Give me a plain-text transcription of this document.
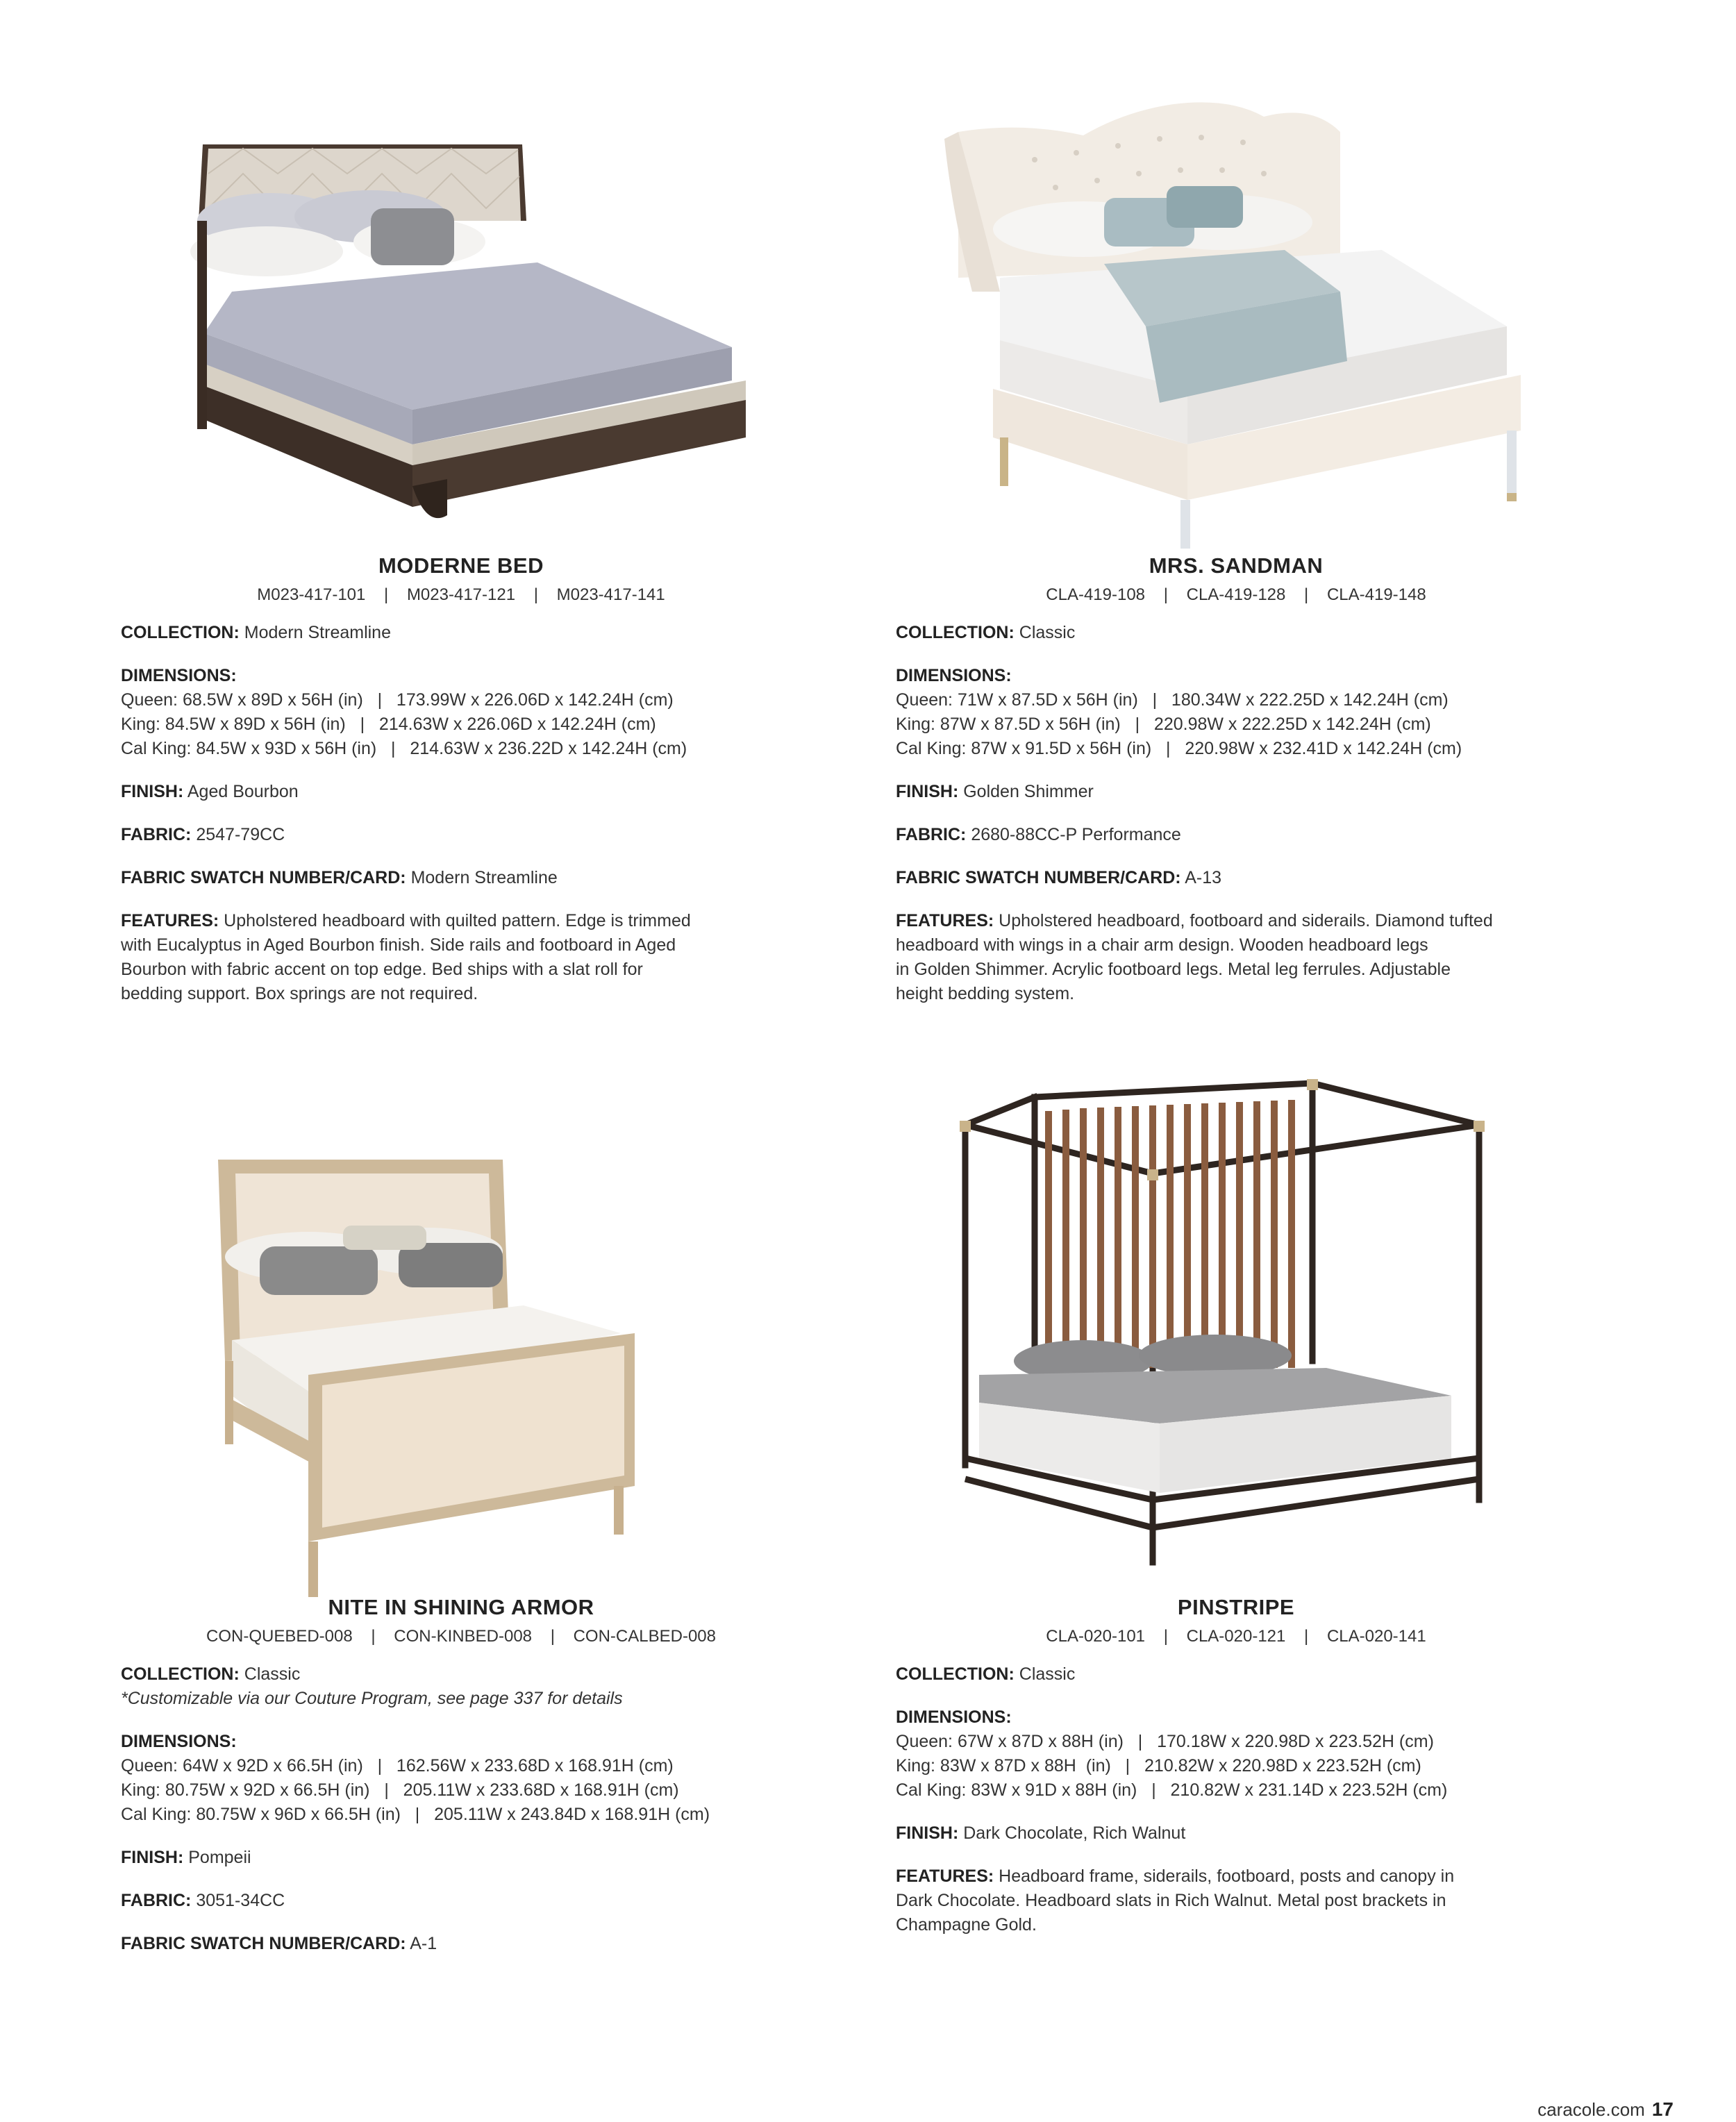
MODERNE BED
M023-417-101 | M023-417-121 | M023-417-141
COLLECTION: Modern Streamline
DIMENSIONS:
Queen: 68.5W x 89D x 56H (in)   |   173.99W x 226.06D x 142.24H (cm)
King: 84.5W x 89D x 56H (in)   |   214.63W x 226.06D x 142.24H (cm)
Cal King: 84.5W x 93D x 56H (in)   |   214.63W x 236.22D x 142.24H (cm)
FINISH: Aged Bourbon
FABRIC: 2547-79CC
FABRIC SWATCH NUMBER/CARD: Modern Streamline
FEATURES: Upholstered headboard with quilted pattern. Edge is trimmed
with Eucalyptus in Aged Bourbon finish. Side rails and footboard in Aged
Bourbon with fabric accent on top edge. Bed ships with a slat roll for
bedding support. Box springs are not required.
MRS. SANDMAN
CLA-419-108 | CLA-419-128 | CLA-419-148
COLLECTION: Classic
DIMENSIONS:
Queen: 71W x 87.5D x 56H (in)   |   180.34W x 222.25D x 142.24H (cm)
King: 87W x 87.5D x 56H (in)   |   220.98W x 222.25D x 142.24H (cm)
Cal King: 87W x 91.5D x 56H (in)   |   220.98W x 232.41D x 142.24H (cm)
FINISH: Golden Shimmer
FABRIC: 2680-88CC-P Performance
FABRIC SWATCH NUMBER/CARD: A-13
FEATURES: Upholstered headboard, footboard and siderails. Diamond tufted
headboard with wings in a chair arm design. Wooden headboard legs
in Golden Shimmer. Acrylic footboard legs. Metal leg ferrules. Adjustable
height bedding system.
NITE IN SHINING ARMOR
CON-QUEBED-008 | CON-KINBED-008 | CON-CALBED-008
COLLECTION: Classic
*Customizable via our Couture Program, see page 337 for details
DIMENSIONS:
Queen: 64W x 92D x 66.5H (in)   |   162.56W x 233.68D x 168.91H (cm)
King: 80.75W x 92D x 66.5H (in)   |   205.11W x 233.68D x 168.91H (cm)
Cal King: 80.75W x 96D x 66.5H (in)   |   205.11W x 243.84D x 168.91H (cm)
FINISH: Pompeii
FABRIC: 3051-34CC
FABRIC SWATCH NUMBER/CARD: A-1
PINSTRIPE
CLA-020-101 | CLA-020-121 | CLA-020-141
COLLECTION: Classic
DIMENSIONS:
Queen: 67W x 87D x 88H (in)   |   170.18W x 220.98D x 223.52H (cm)
King: 83W x 87D x 88H  (in)   |   210.82W x 220.98D x 223.52H (cm)
Cal King: 83W x 91D x 88H (in)   |   210.82W x 231.14D x 223.52H (cm)
FINISH: Dark Chocolate, Rich Walnut
FEATURES: Headboard frame, siderails, footboard, posts and canopy in
Dark Chocolate. Headboard slats in Rich Walnut. Metal post brackets in
Champagne Gold.
caracole.com 17
